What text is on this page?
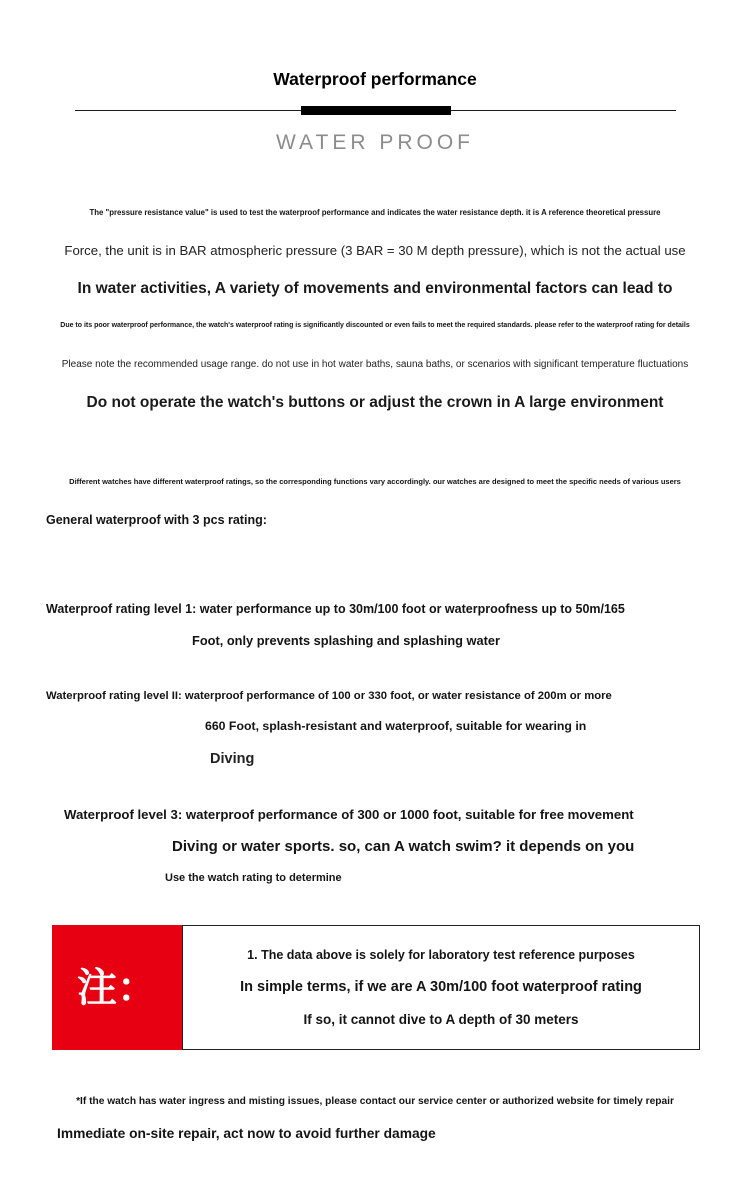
Waterproof performance
WATER PROOF
The "pressure resistance value" is used to test the waterproof performance and indicates the water resistance depth. it is A reference theoretical pressure
Force, the unit is in BAR atmospheric pressure (3 BAR = 30 M depth pressure), which is not the actual use
In water activities, A variety of movements and environmental factors can lead to
Due to its poor waterproof performance, the watch's waterproof rating is significantly discounted or even fails to meet the required standards. please refer to the waterproof rating for details
Please note the recommended usage range. do not use in hot water baths, sauna baths, or scenarios with significant temperature fluctuations
Do not operate the watch's buttons or adjust the crown in A large environment
Different watches have different waterproof ratings, so the corresponding functions vary accordingly. our watches are designed to meet the specific needs of various users
General waterproof with 3 pcs rating:
Waterproof rating level 1: water performance up to 30m/100 foot or waterproofness up to 50m/165
Foot, only prevents splashing and splashing water
Waterproof rating level II: waterproof performance of 100 or 330 foot, or water resistance of 200m or more
660 Foot, splash-resistant and waterproof, suitable for wearing in
Diving
Waterproof level 3: waterproof performance of 300 or 1000 foot, suitable for free movement
Diving or water sports. so, can A watch swim? it depends on you
Use the watch rating to determine
注：
1. The data above is solely for laboratory test reference purposes
In simple terms, if we are A 30m/100 foot waterproof rating
If so, it cannot dive to A depth of 30 meters
*If the watch has water ingress and misting issues, please contact our service center or authorized website for timely repair
Immediate on-site repair, act now to avoid further damage
